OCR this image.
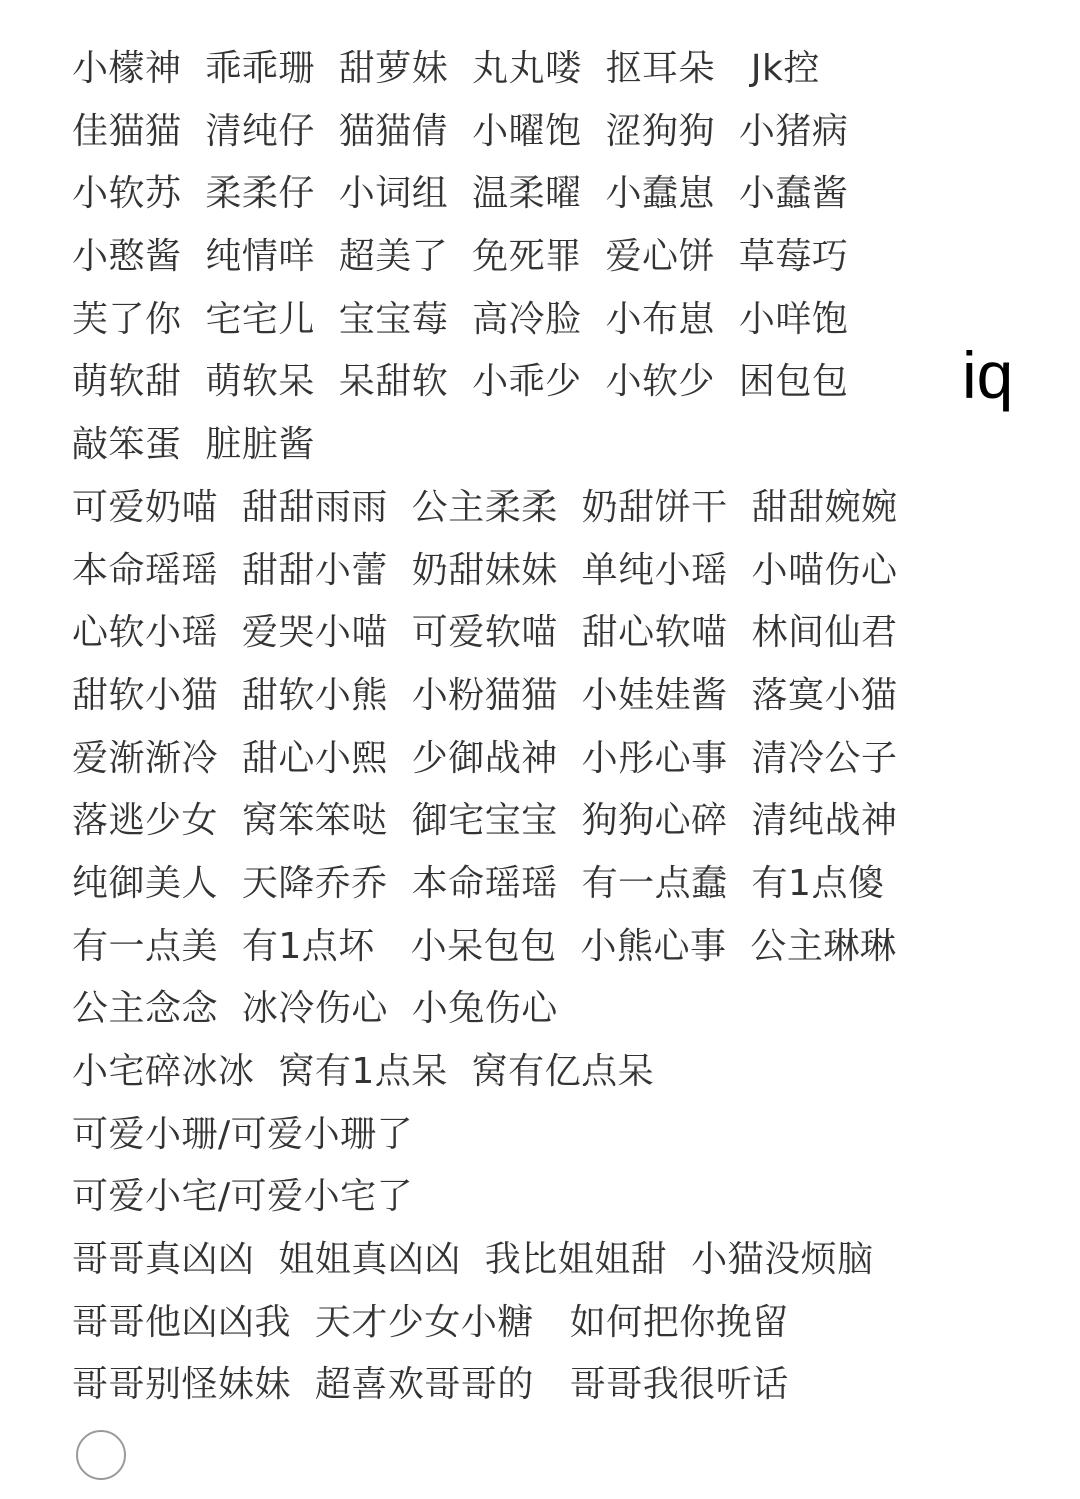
小檬神  乖乖珊  甜萝妹  丸丸喽  抠耳朵   Jk控
佳猫猫  清纯仔  猫猫倩  小曜饱  涩狗狗  小猪病
小软苏  柔柔仔  小词组  温柔曜  小蠢崽  小蠢酱
小憨酱  纯情咩  超美了  免死罪  爱心饼  草莓巧
芙了你  宅宅儿  宝宝莓  高冷脸  小布崽  小咩饱
萌软甜  萌软呆  呆甜软  小乖少  小软少  困包包
敲笨蛋  脏脏酱
可爱奶喵  甜甜雨雨  公主柔柔  奶甜饼干  甜甜婉婉
本命瑶瑶  甜甜小蕾  奶甜妹妹  单纯小瑶  小喵伤心
心软小瑶  爱哭小喵  可爱软喵  甜心软喵  林间仙君
甜软小猫  甜软小熊  小粉猫猫  小娃娃酱  落寞小猫
爱渐渐冷  甜心小熙  少御战神  小彤心事  清冷公子
落逃少女  窝笨笨哒  御宅宝宝  狗狗心碎  清纯战神
纯御美人  天降乔乔  本命瑶瑶  有一点蠢  有1点傻
有一点美  有1点坏   小呆包包  小熊心事  公主琳琳
公主念念  冰冷伤心  小兔伤心
小宅碎冰冰  窝有1点呆  窝有亿点呆
可爱小珊/可爱小珊了
可爱小宅/可爱小宅了
哥哥真凶凶  姐姐真凶凶  我比姐姐甜  小猫没烦脑
哥哥他凶凶我  天才少女小糖   如何把你挽留
哥哥别怪妹妹  超喜欢哥哥的   哥哥我很听话
iq
